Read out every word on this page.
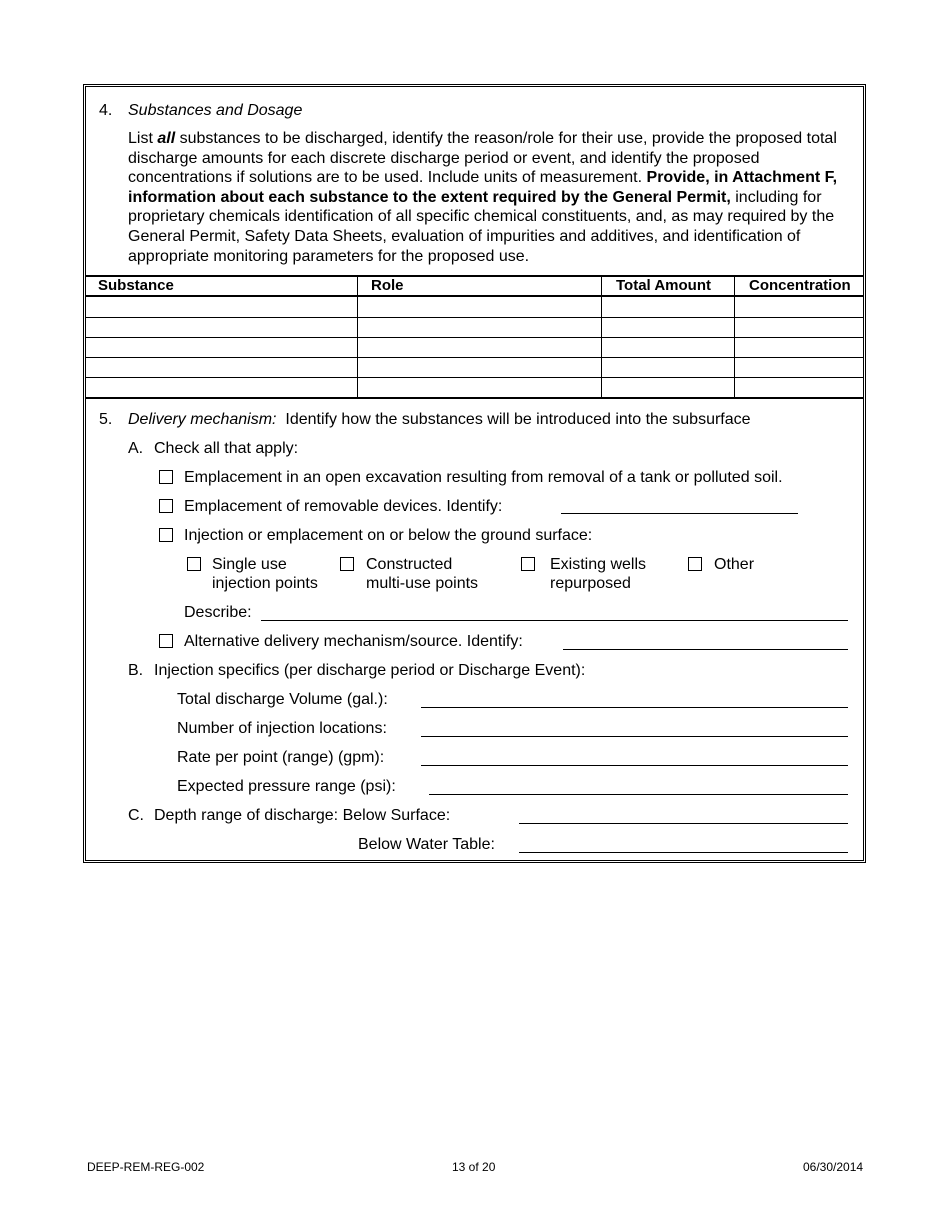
4. Substances and Dosage
List all substances to be discharged, identify the reason/role for their use, provide the proposed total discharge amounts for each discrete discharge period or event, and identify the proposed concentrations if solutions are to be used. Include units of measurement. Provide, in Attachment F, information about each substance to the extent required by the General Permit, including for proprietary chemicals identification of all specific chemical constituents, and, as may required by the General Permit, Safety Data Sheets, evaluation of impurities and additives, and identification of appropriate monitoring parameters for the proposed use.
Substance	Role	Total Amount	Concentration
5. Delivery mechanism: Identify how the substances will be introduced into the subsurface
A. Check all that apply:
Emplacement in an open excavation resulting from removal of a tank or polluted soil.
Emplacement of removable devices. Identify:
Injection or emplacement on or below the ground surface:
Single use
injection points
Constructed
multi-use points
Existing wells
repurposed
Other
Describe:
Alternative delivery mechanism/source. Identify:
B. Injection specifics (per discharge period or Discharge Event):
Total discharge Volume (gal.):
Number of injection locations:
Rate per point (range) (gpm):
Expected pressure range (psi):
C. Depth range of discharge: Below Surface:
Below Water Table:
DEEP-REM-REG-002	13 of 20	06/30/2014
